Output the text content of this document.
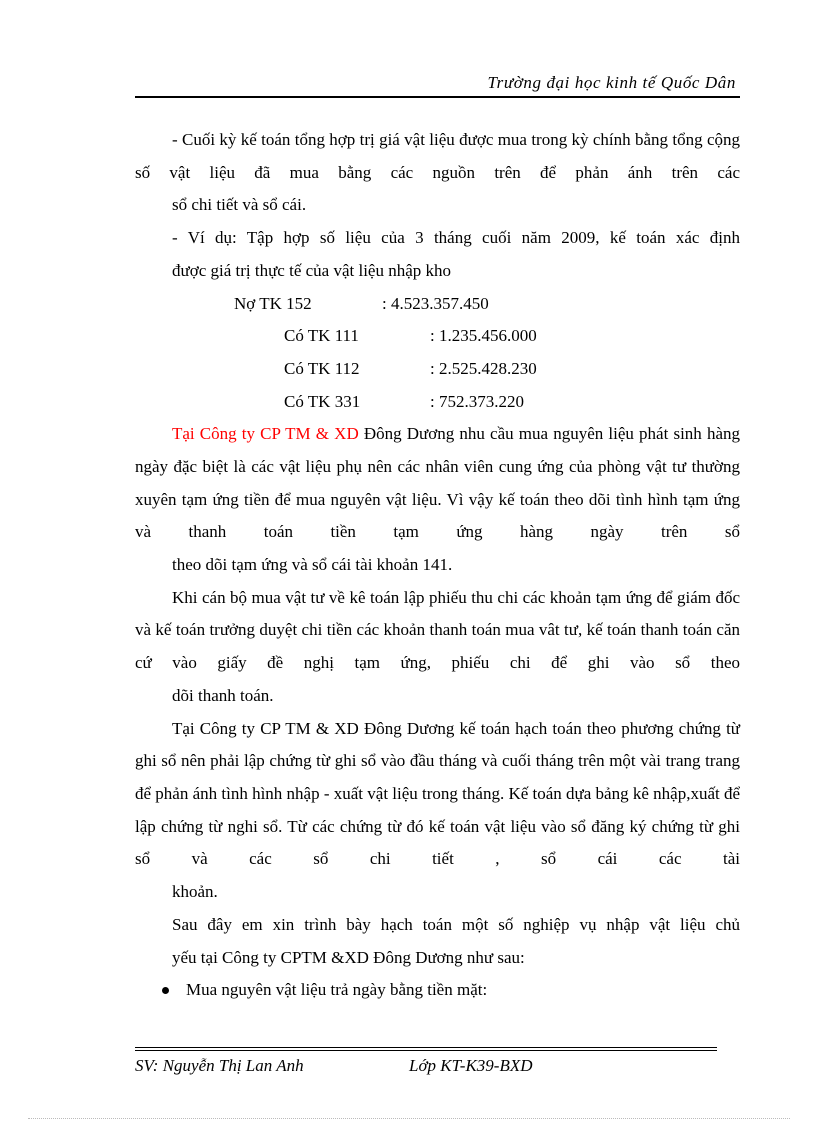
Trường đại học kinh tế Quốc Dân

- Cuối kỳ kế toán tổng hợp trị giá vật liệu được mua trong kỳ chính bằng tổng cộng số vật liệu đã mua bằng các nguồn trên để phản ánh trên các
sổ chi tiết và sổ cái.

- Ví dụ: Tập hợp số liệu của 3 tháng cuối năm 2009, kế toán xác định
được giá trị thực tế của vật liệu nhập kho

Nợ TK 152	: 4.523.357.450
Có TK 111	: 1.235.456.000
Có TK 112	: 2.525.428.230
Có TK 331	: 752.373.220

Tại Công ty CP TM & XD Đông Dương nhu cầu mua nguyên liệu phát sinh hàng ngày đặc biệt là các vật liệu phụ nên các nhân viên cung ứng của phòng vật tư thường xuyên tạm ứng tiền để mua nguyên vật liệu. Vì vậy kế toán theo dõi tình hình tạm ứng và thanh toán tiền tạm ứng hàng ngày trên sổ
theo dõi tạm ứng và sổ cái tài khoản 141.

Khi cán bộ mua vật tư về kê toán lập phiếu thu chi các khoản tạm ứng để giám đốc và kế toán trưởng duyệt chi tiền các khoản thanh toán mua vât tư, kế toán thanh toán căn cứ vào giấy đề nghị tạm ứng, phiếu chi để ghi vào sổ theo
dõi thanh toán.

Tại Công ty CP TM & XD Đông Dương kế toán hạch toán theo phương chứng từ ghi sổ nên phải lập chứng từ ghi sổ vào đầu tháng và cuối tháng trên một vài trang trang để phản ánh tình hình nhập - xuất vật liệu trong tháng. Kế toán dựa bảng kê nhập,xuất để lập chứng từ nghi sổ. Từ các chứng từ đó kế toán vật liệu vào sổ đăng ký chứng từ ghi sổ và các sổ chi tiết , sổ cái các tài
khoản.

Sau đây em xin trình bày hạch toán một số nghiệp vụ nhập vật liệu chủ
yếu tại Công ty CPTM &XD Đông Dương như sau:

Mua nguyên vật liệu trả ngày bằng tiền mặt:
SV: Nguyễn Thị Lan Anh	Lớp KT-K39-BXD
